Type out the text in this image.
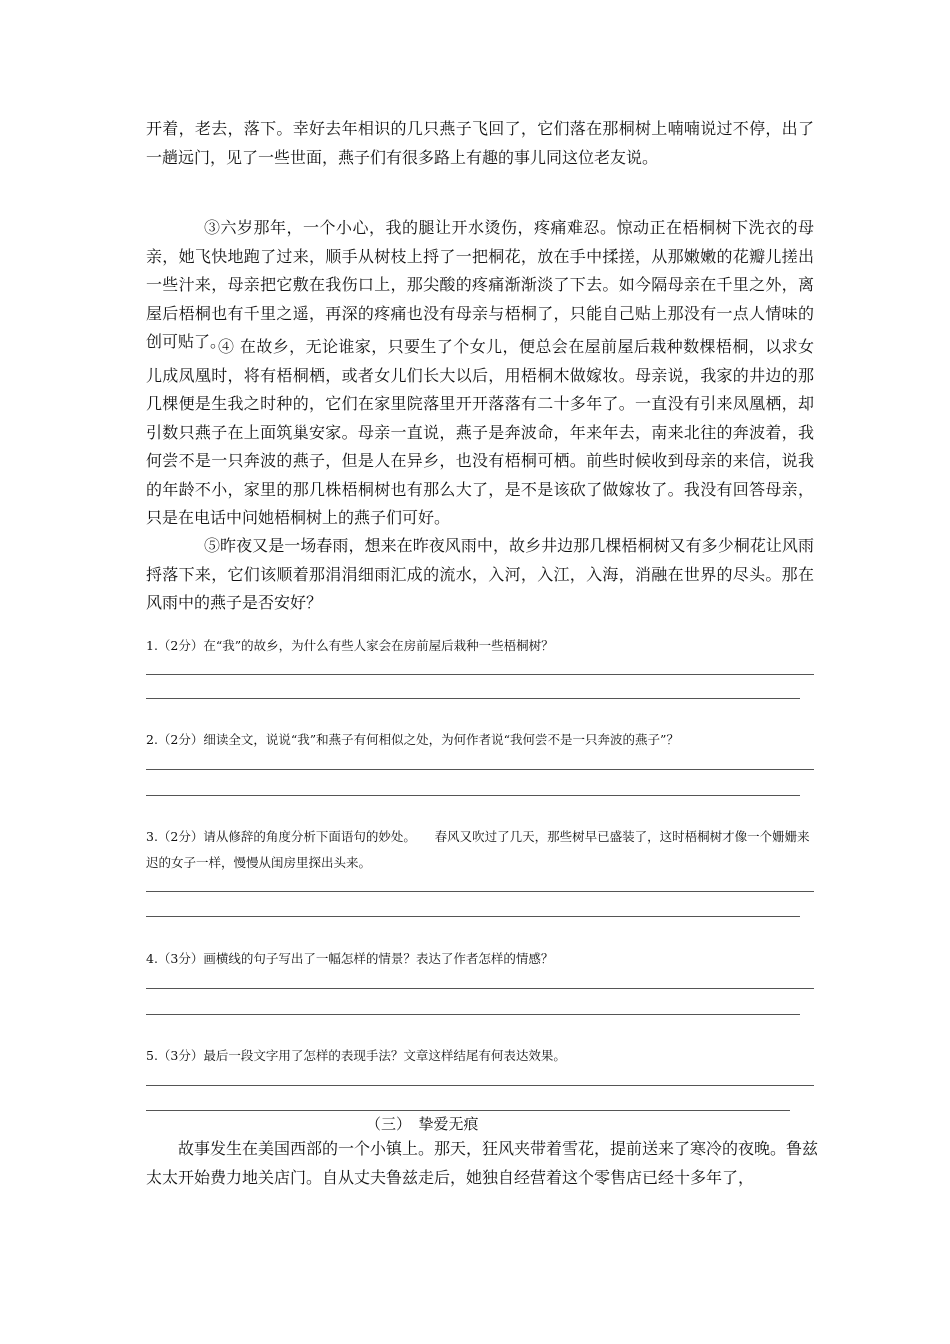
开着，老去，落下。幸好去年相识的几只燕子飞回了，它们落在那桐树上喃喃说过不停，出了一趟远门，见了一些世面，燕子们有很多路上有趣的事儿同这位老友说。

③六岁那年，一个小心，我的腿让开水烫伤，疼痛难忍。惊动正在梧桐树下洗衣的母亲，她飞快地跑了过来，顺手从树枝上捋了一把桐花，放在手中揉搓，从那嫩嫩的花瓣儿搓出一些汁来，母亲把它敷在我伤口上，那尖酸的疼痛渐渐淡了下去。如今隔母亲在千里之外，离屋后梧桐也有千里之遥，再深的疼痛也没有母亲与梧桐了，只能自己贴上那没有一点人情味的创可贴了。

④ 在故乡，无论谁家，只要生了个女儿，便总会在屋前屋后栽种数棵梧桐，以求女儿成凤凰时，将有梧桐栖，或者女儿们长大以后，用梧桐木做嫁妆。母亲说，我家的井边的那几棵便是生我之时种的，它们在家里院落里开开落落有二十多年了。一直没有引来凤凰栖，却引数只燕子在上面筑巢安家。母亲一直说，燕子是奔波命，年来年去，南来北往的奔波着，我何尝不是一只奔波的燕子，但是人在异乡，也没有梧桐可栖。前些时候收到母亲的来信，说我的年龄不小，家里的那几株梧桐树也有那么大了，是不是该砍了做嫁妆了。我没有回答母亲，只是在电话中问她梧桐树上的燕子们可好。

⑤昨夜又是一场春雨，想来在昨夜风雨中，故乡井边那几棵梧桐树又有多少桐花让风雨捋落下来，它们该顺着那涓涓细雨汇成的流水，入河，入江，入海，消融在世界的尽头。那在风雨中的燕子是否安好？

1.（2分）在“我”的故乡，为什么有些人家会在房前屋后栽种一些梧桐树？
2.（2分）细读全文，说说“我”和燕子有何相似之处，为何作者说“我何尝不是一只奔波的燕子”？
3.（2分）请从修辞的角度分析下面语句的妙处。　　春风又吹过了几天，那些树早已盛装了，这时梧桐树才像一个姗姗来迟的女子一样，慢慢从闺房里探出头来。
4.（3分）画横线的句子写出了一幅怎样的情景？表达了作者怎样的情感？
5.（3分）最后一段文字用了怎样的表现手法？文章这样结尾有何表达效果。
（三）　挚爱无痕

故事发生在美国西部的一个小镇上。那天，狂风夹带着雪花，提前送来了寒冷的夜晚。鲁兹太太开始费力地关店门。自从丈夫鲁兹走后，她独自经营着这个零售店已经十多年了，
